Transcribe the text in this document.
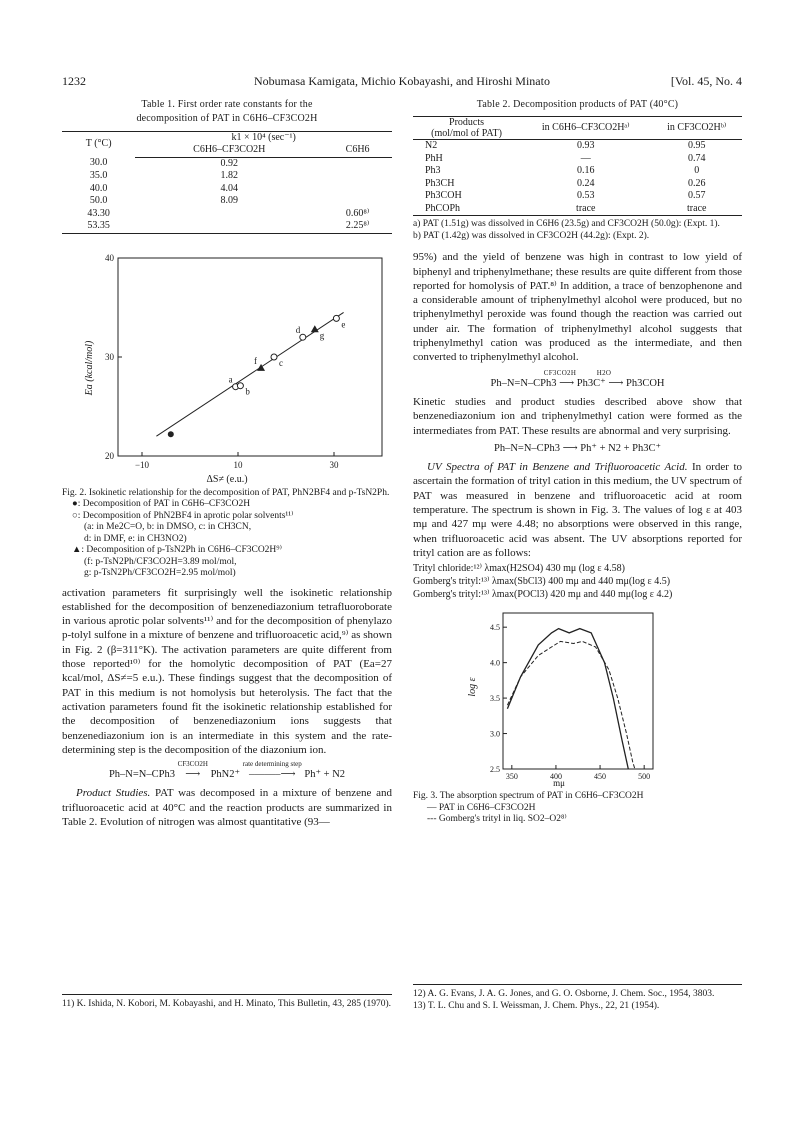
1232	Nobumasa Kamigata, Michio Kobayashi, and Hiroshi Minato	[Vol. 45, No. 4
Table 1. First order rate constants for the
decomposition of PAT in C6H6–CF3CO2H
T (°C)	k1 × 10⁴ (sec⁻¹)	
	C6H6–CF3CO2H	C6H6
30.0	0.92	
35.0	1.82	
40.0	4.04	
50.0	8.09	
43.30		0.60⁸⁾
53.35		2.25⁸⁾
−10	10	30
20
30
40
a
b
c
d
e
f
g
Ea (kcal/mol)
ΔS≠ (e.u.)
Fig. 2. Isokinetic relationship for the decomposition of PAT, PhN2BF4 and p-TsN2Ph.
●: Decomposition of PAT in C6H6–CF3CO2H
○: Decomposition of PhN2BF4 in aprotic polar solvents¹¹⁾
(a: in Me2C=O, b: in DMSO, c: in CH3CN,
d: in DMF, e: in CH3NO2)
▲: Decomposition of p-TsN2Ph in C6H6–CF3CO2H⁹⁾
(f: p-TsN2Ph/CF3CO2H=3.89 mol/mol,
g: p-TsN2Ph/CF3CO2H=2.95 mol/mol)

activation parameters fit surprisingly well the isokinetic relationship established for the decomposition of benzenediazonium tetrafluoroborate in various aprotic polar solvents¹¹⁾ and for the decomposition of phenylazo p-tolyl sulfone in a mixture of benzene and trifluoroacetic acid,⁹⁾ as shown in Fig. 2 (β=311°K). The activation parameters are quite different from those reported¹⁰⁾ for the homolytic decomposition of PAT (Ea=27 kcal/mol, ΔS≠=5 e.u.). These findings suggest that the decomposition of PAT in this medium is not homolysis but heterolysis. The fact that the activation parameters found fit the isokinetic relationship established for the decomposition of benzenediazonium ions suggests that benzenediazonium ion is an intermediate in this system and the rate-determining step is the decomposition of the diazonium ion.

Ph–N=N–CPh3
CF3CO2H
⟶ PhN2⁺
rate determining step
––––––⟶ Ph⁺ + N2

Product Studies. PAT was decomposed in a mixture of benzene and trifluoroacetic acid at 40°C and the reaction products are summarized in Table 2. Evolution of nitrogen was almost quantitative (93—

11) K. Ishida, N. Kobori, M. Kobayashi, and H. Minato, This Bulletin, 43, 285 (1970).
Table 2. Decomposition products of PAT (40°C)
Products
(mol/mol of PAT)	in C6H6–CF3CO2Hᵃ⁾	in CF3CO2Hᵇ⁾
N2	0.93	0.95
PhH	—	0.74
Ph3	0.16	0
Ph3CH	0.24	0.26
Ph3COH	0.53	0.57
PhCOPh	trace	trace
a) PAT (1.51g) was dissolved in C6H6 (23.5g) and CF3CO2H (50.0g): (Expt. 1).
b) PAT (1.42g) was dissolved in CF3CO2H (44.2g): (Expt. 2).

95%) and the yield of benzene was high in contrast to low yield of biphenyl and triphenylmethane; these results are quite different from those reported for homolysis of PAT.⁸⁾ In addition, a trace of benzophenone and a considerable amount of triphenylmethyl alcohol were produced, but no triphenylmethyl peroxide was found though the reaction was carried out under air. The formation of triphenylmethyl alcohol suggests that triphenylmethyl cation was produced as the intermediate, and then converted to triphenylmethyl alcohol.

CF3CO2H	H2O
Ph–N=N–CPh3 ⟶ Ph3C⁺ ⟶ Ph3COH

Kinetic studies and product studies described above show that benzenediazonium ion and triphenylmethyl cation were formed as the intermediates from PAT. These results are abnormal and very surprising.

Ph–N=N–CPh3 ⟶ Ph⁺ + N2 + Ph3C⁺

UV Spectra of PAT in Benzene and Trifluoroacetic Acid. In order to ascertain the formation of trityl cation in this medium, the UV spectrum of PAT was measured in benzene and trifluoroacetic acid at room temperature. The spectrum is shown in Fig. 3. The values of log ε at 403 mμ and 427 mμ were 4.48; no absorptions were observed in this range, when trifluoroacetic acid was absent. The UV absorptions reported for trityl cation are as follows:

Trityl chloride:¹²⁾ λmax(H2SO4) 430 mμ (log ε 4.58)
Gomberg's trityl:¹³⁾ λmax(SbCl3) 400 mμ and 440 mμ(log ε 4.5)
Gomberg's trityl:¹³⁾ λmax(POCl3) 420 mμ and 440 mμ(log ε 4.2)
350	400	450	500
2.5
3.0
3.5
4.0
4.5
log ε
mμ
Fig. 3. The absorption spectrum of PAT in C6H6–CF3CO2H
— PAT in C6H6–CF3CO2H
--- Gomberg's trityl in liq. SO2–O2⁸⁾
12) A. G. Evans, J. A. G. Jones, and G. O. Osborne, J. Chem. Soc., 1954, 3803.
13) T. L. Chu and S. I. Weissman, J. Chem. Phys., 22, 21 (1954).
